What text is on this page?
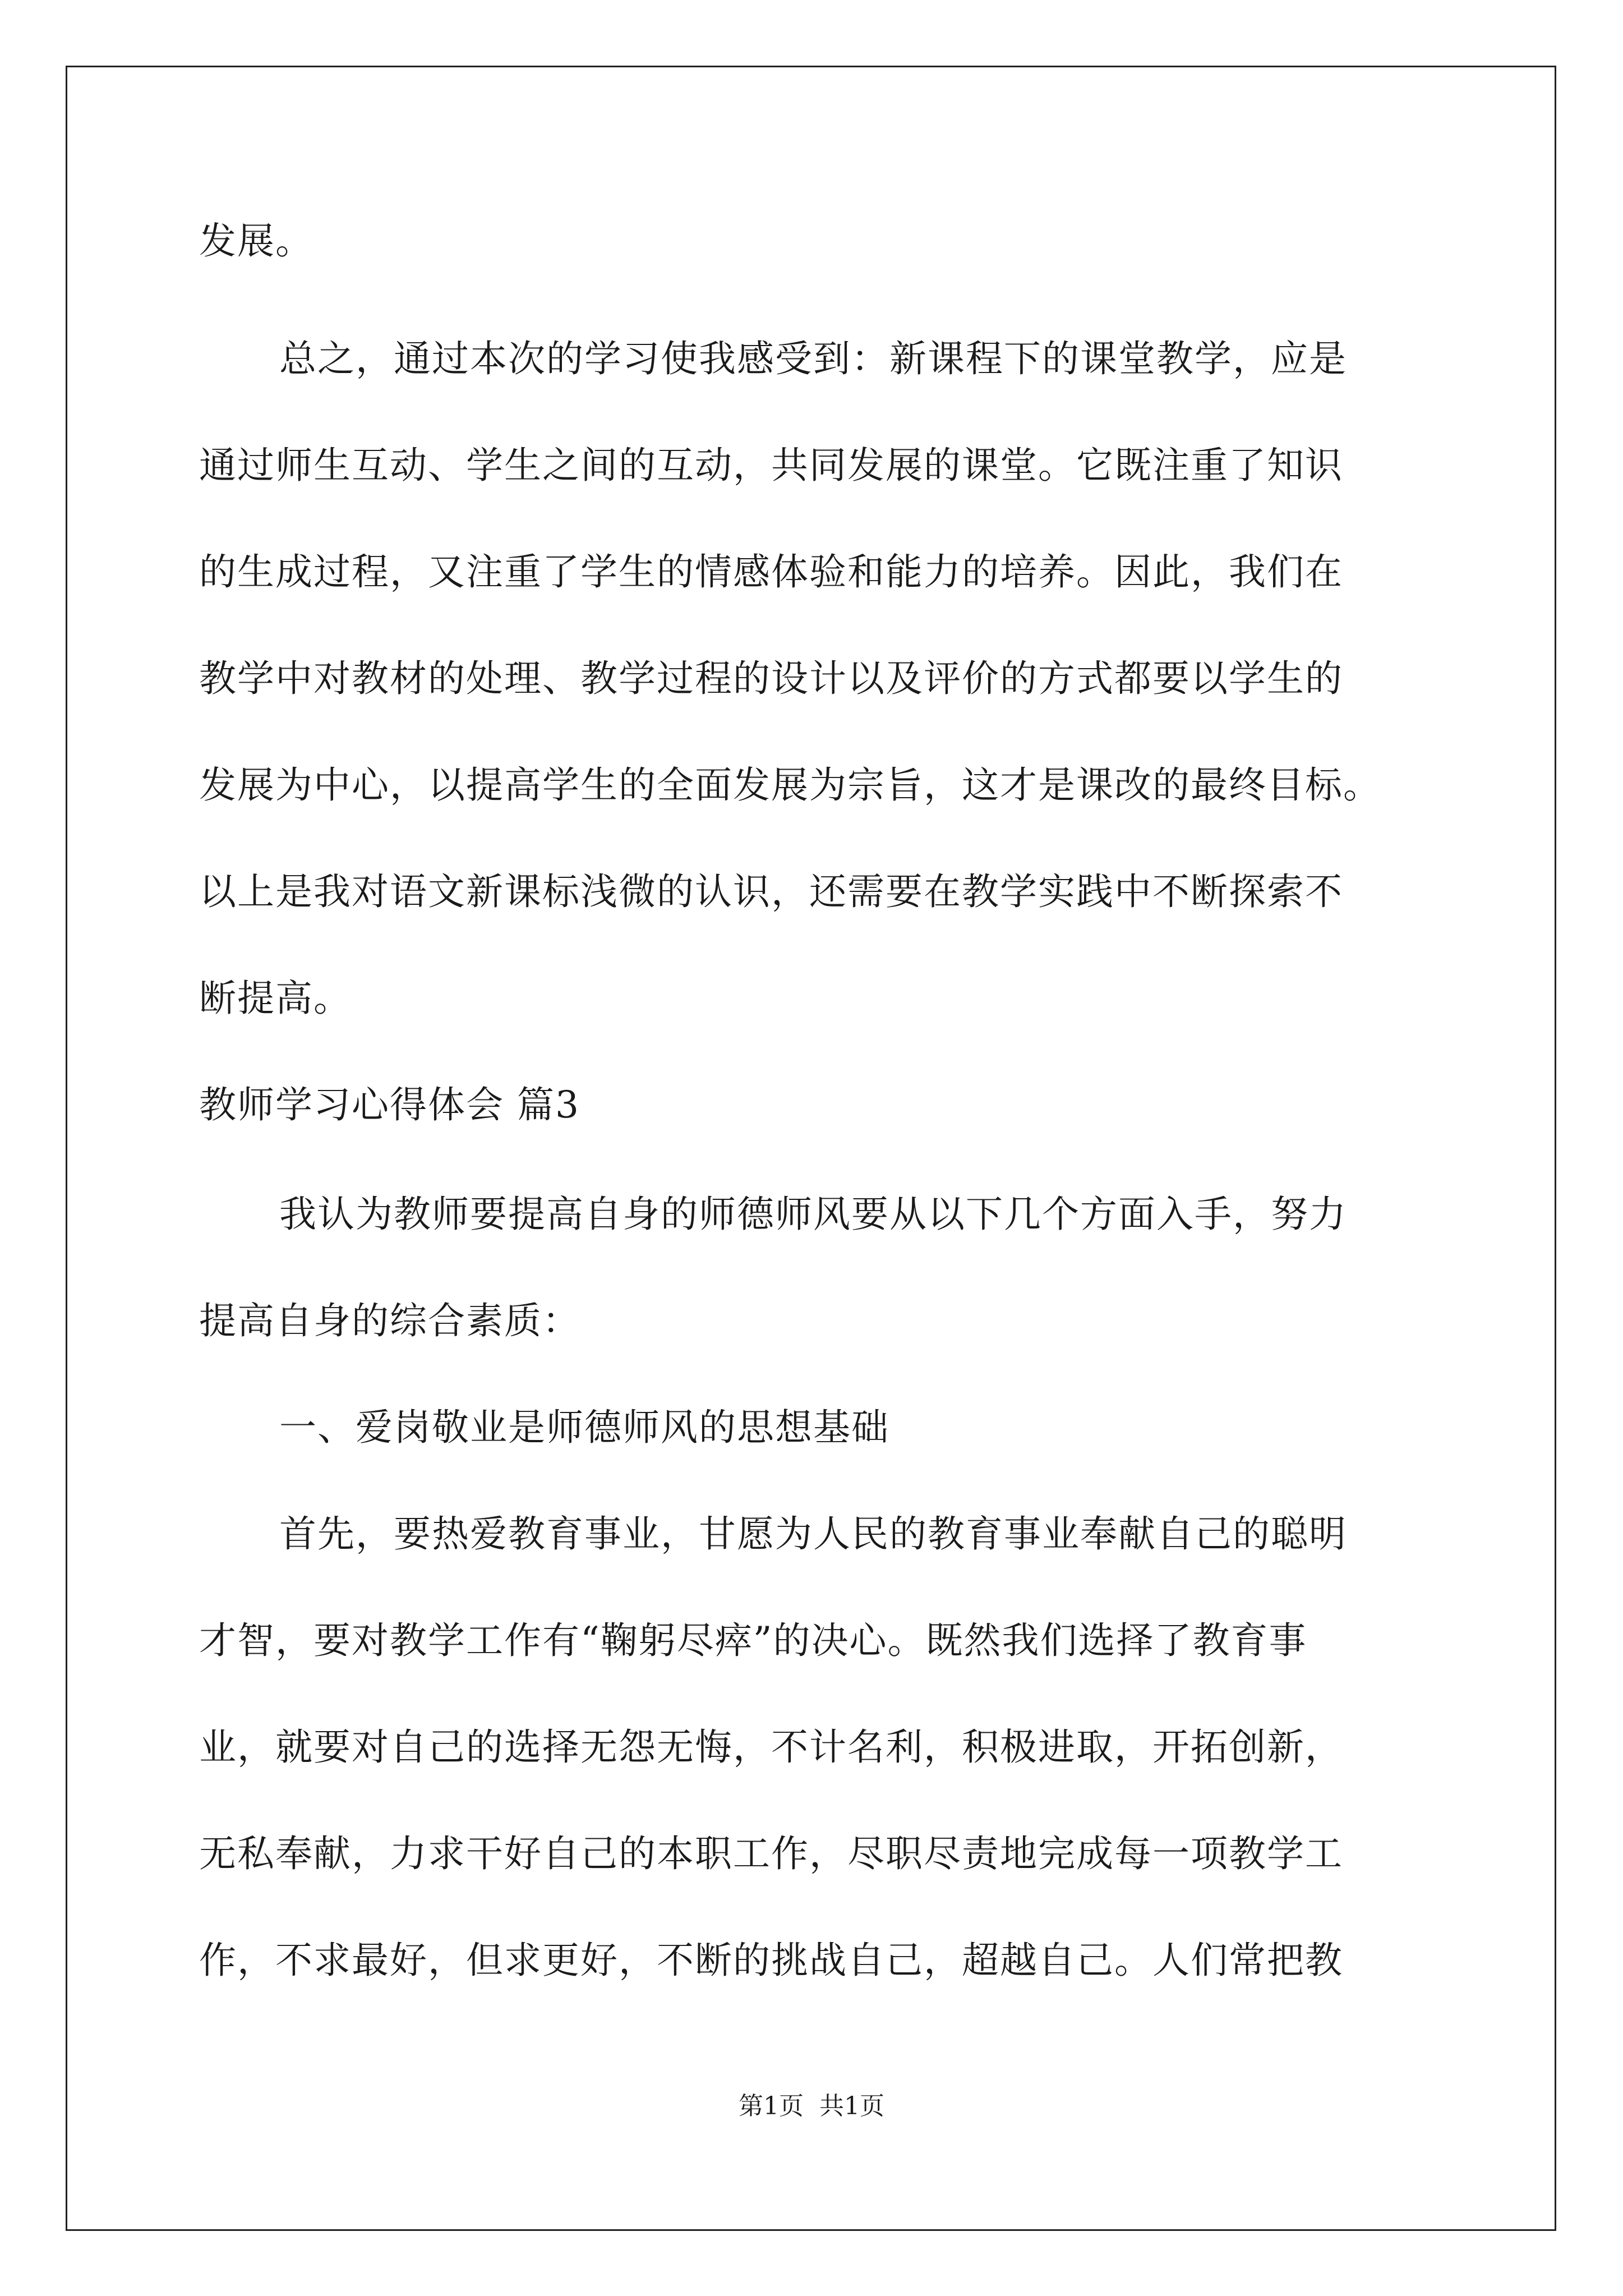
发展。
总之，通过本次的学习使我感受到：新课程下的课堂教学，应是
通过师生互动、学生之间的互动，共同发展的课堂。它既注重了知识
的生成过程，又注重了学生的情感体验和能力的培养。因此，我们在
教学中对教材的处理、教学过程的设计以及评价的方式都要以学生的
发展为中心，以提高学生的全面发展为宗旨，这才是课改的最终目标。
以上是我对语文新课标浅微的认识，还需要在教学实践中不断探索不
断提高。
教师学习心得体会 篇3
我认为教师要提高自身的师德师风要从以下几个方面入手，努力
提高自身的综合素质：
一、爱岗敬业是师德师风的思想基础
首先，要热爱教育事业，甘愿为人民的教育事业奉献自己的聪明
才智，要对教学工作有“鞠躬尽瘁”的决心。既然我们选择了教育事
业，就要对自己的选择无怨无悔，不计名利，积极进取，开拓创新，
无私奉献，力求干好自己的本职工作，尽职尽责地完成每一项教学工
作，不求最好，但求更好，不断的挑战自己，超越自己。人们常把教
第1页 共1页
